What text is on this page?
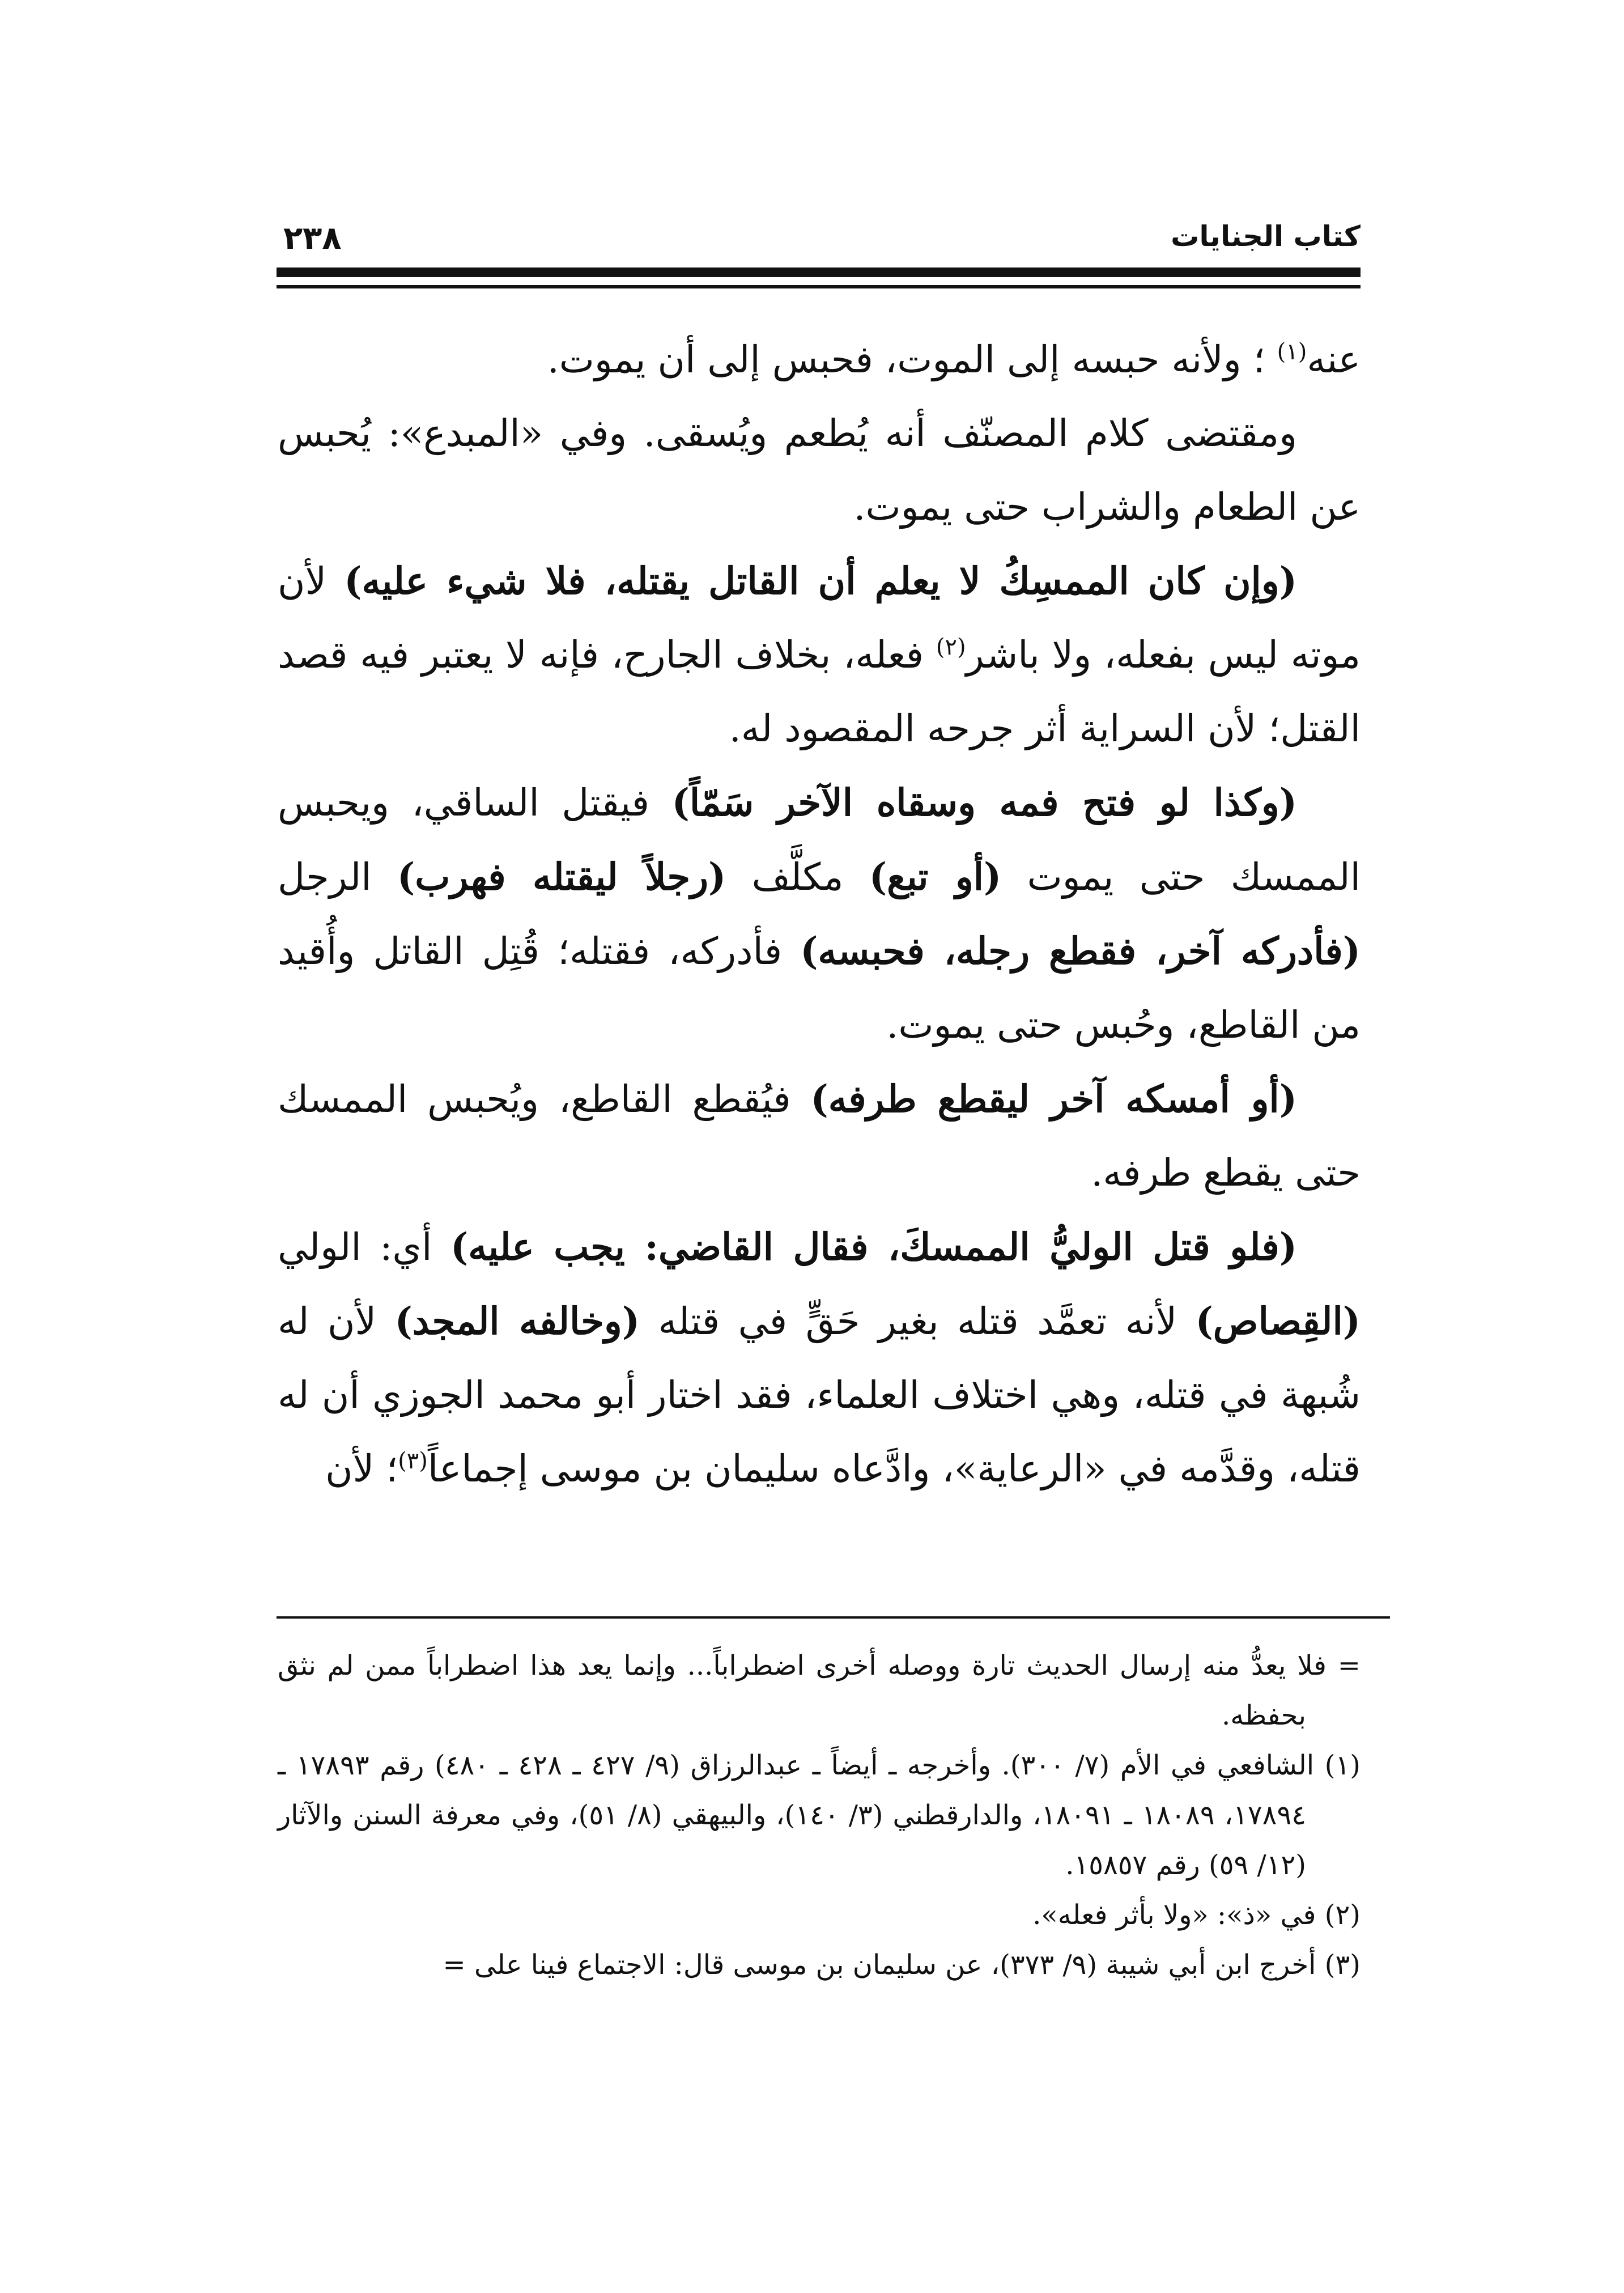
كتاب الجنايات
٢٣٨

عنه$^{(١)}$ ؛ ولأنه حبسه إلى الموت، فحبس إلى أن يموت.

ومقتضى كلام المصنّف أنه يُطعم ويُسقى. وفي «المبدع»: يُحبس عن الطعام والشراب حتى يموت.

(وإن كان الممسِكُ لا يعلم أن القاتل يقتله، فلا شيء عليه) لأن موته ليس بفعله، ولا باشر$^{(٢)}$ فعله، بخلاف الجارح، فإنه لا يعتبر فيه قصد القتل؛ لأن السراية أثر جرحه المقصود له.

(وكذا لو فتح فمه وسقاه الآخر سَمّاً) فيقتل الساقي، ويحبس الممسك حتى يموت (أو تبع) مكلَّف (رجلاً ليقتله فهرب) الرجل (فأدركه آخر، فقطع رجله، فحبسه) فأدركه، فقتله؛ قُتِل القاتل وأُقيد من القاطع، وحُبس حتى يموت.

(أو أمسكه آخر ليقطع طرفه) فيُقطع القاطع، ويُحبس الممسك حتى يقطع طرفه.

(فلو قتل الوليُّ الممسكَ، فقال القاضي: يجب عليه) أي: الولي (القِصاص) لأنه تعمَّد قتله بغير حَقٍّ في قتله (وخالفه المجد) لأن له شُبهة في قتله، وهي اختلاف العلماء، فقد اختار أبو محمد الجوزي أن له قتله، وقدَّمه في «الرعاية»، وادَّعاه سليمان بن موسى إجماعاً$^{(٣)}$؛ لأن

= فلا يعدُّ منه إرسال الحديث تارة ووصله أخرى اضطراباً... وإنما يعد هذا اضطراباً ممن لم نثق بحفظه.

(١) الشافعي في الأم (٧/ ٣٠٠). وأخرجه ـ أيضاً ـ عبدالرزاق (٩/ ٤٢٧ ـ ٤٢٨ ـ ٤٨٠) رقم ١٧٨٩٣ ـ ١٧٨٩٤، ١٨٠٨٩ ـ ١٨٠٩١، والدارقطني (٣/ ١٤٠)، والبيهقي (٨/ ٥١)، وفي معرفة السنن والآثار (١٢/ ٥٩) رقم ١٥٨٥٧.

(٢) في «ذ»: «ولا بأثر فعله».

(٣) أخرج ابن أبي شيبة (٩/ ٣٧٣)، عن سليمان بن موسى قال: الاجتماع فينا على =
